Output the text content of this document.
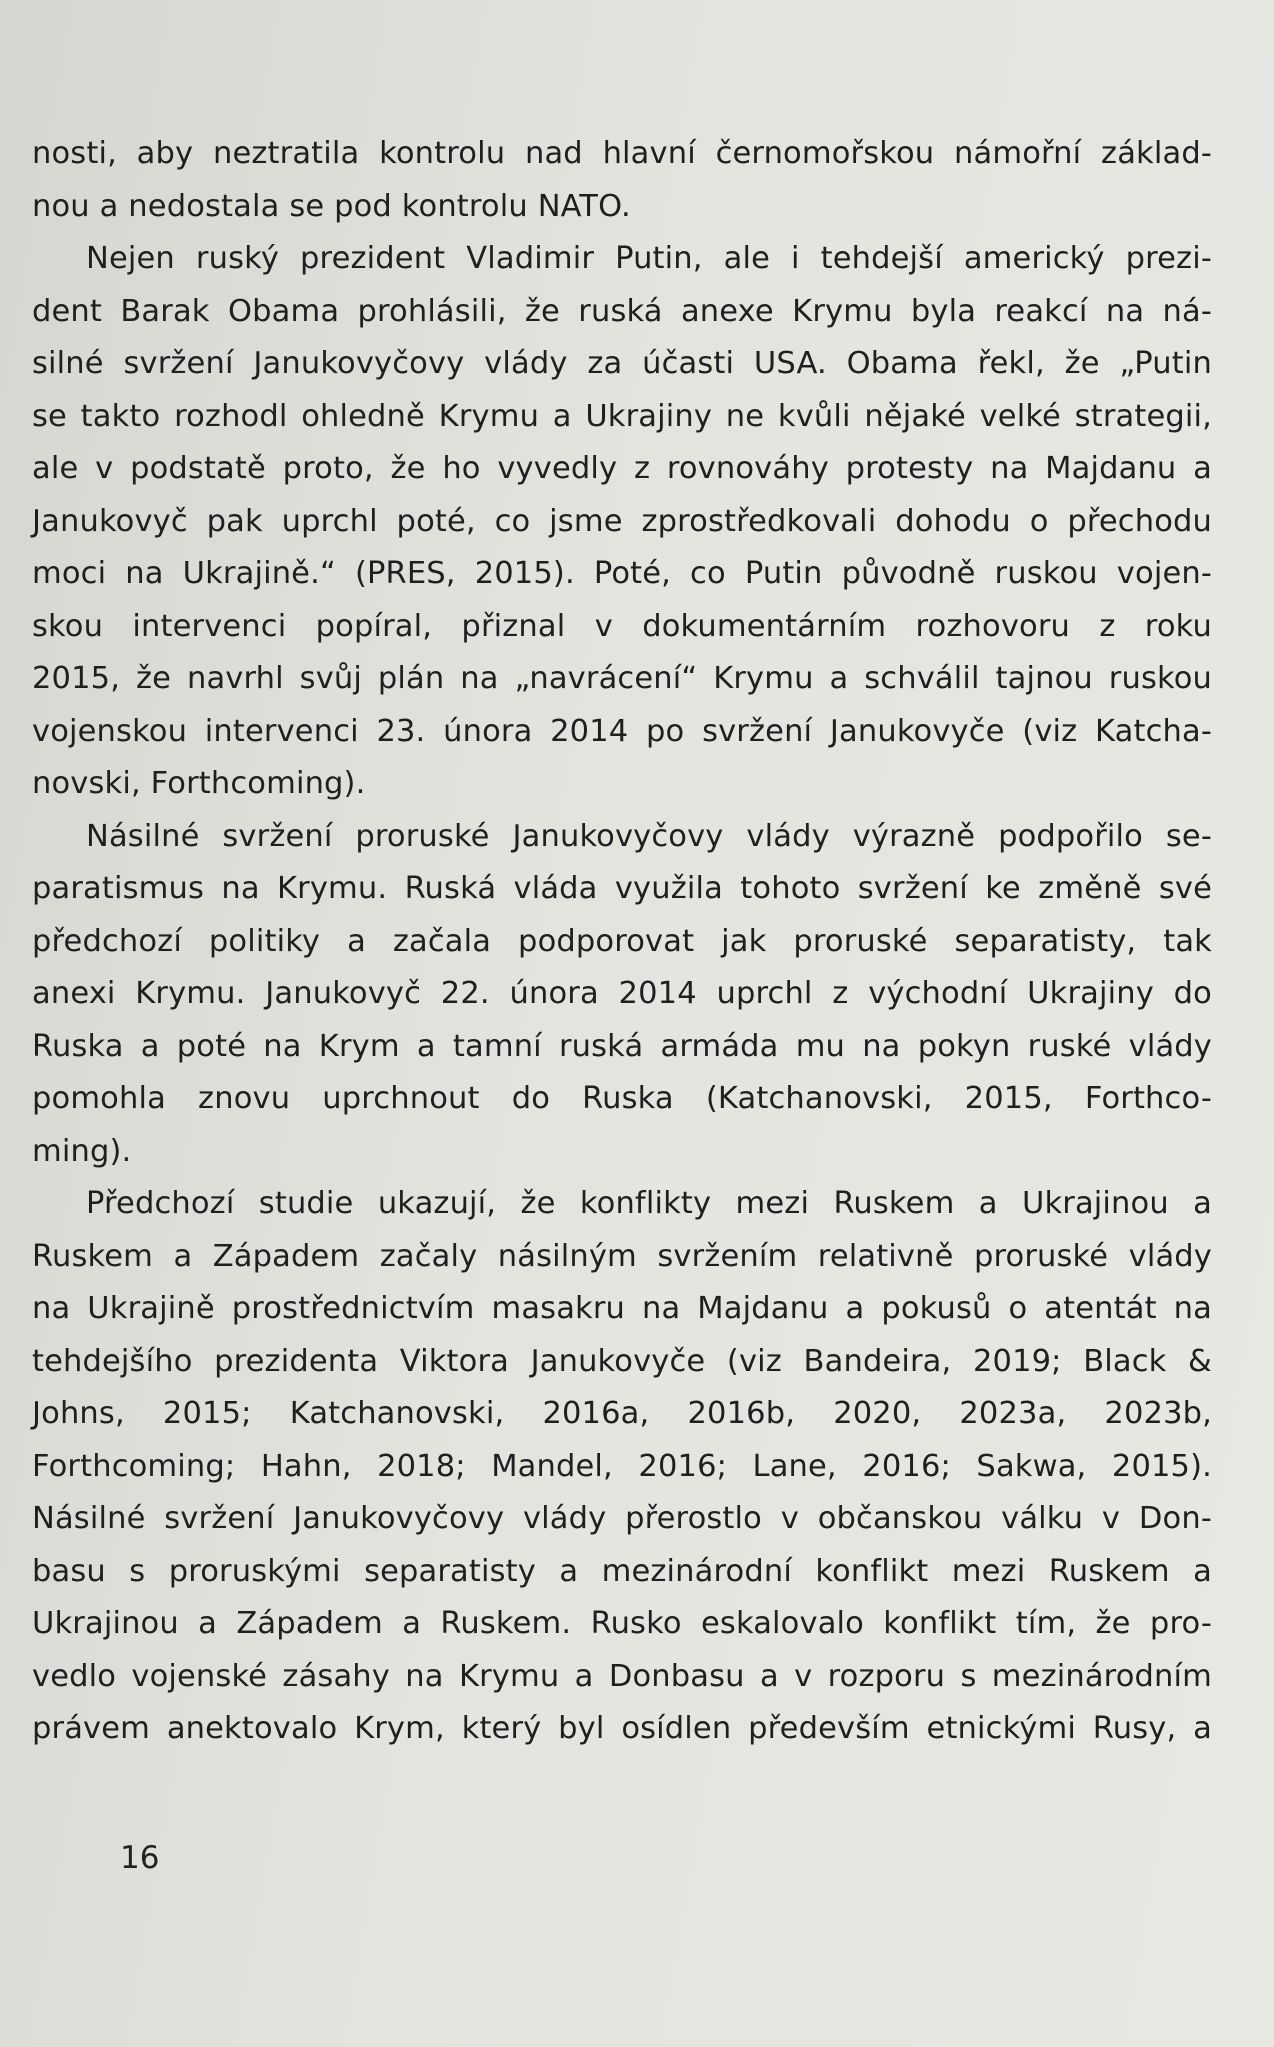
nosti, aby neztratila kontrolu nad hlavní černomořskou námořní základ-
nou a nedostala se pod kontrolu NATO.
Nejen ruský prezident Vladimir Putin, ale i tehdejší americký prezi-
dent Barak Obama prohlásili, že ruská anexe Krymu byla reakcí na ná-
silné svržení Janukovyčovy vlády za účasti USA. Obama řekl, že „Putin
se takto rozhodl ohledně Krymu a Ukrajiny ne kvůli nějaké velké strategii,
ale v podstatě proto, že ho vyvedly z rovnováhy protesty na Majdanu a
Janukovyč pak uprchl poté, co jsme zprostředkovali dohodu o přechodu
moci na Ukrajině.“ (PRES, 2015). Poté, co Putin původně ruskou vojen-
skou intervenci popíral, přiznal v dokumentárním rozhovoru z roku
2015, že navrhl svůj plán na „navrácení“ Krymu a schválil tajnou ruskou
vojenskou intervenci 23. února 2014 po svržení Janukovyče (viz Katcha-
novski, Forthcoming).
Násilné svržení proruské Janukovyčovy vlády výrazně podpořilo se-
paratismus na Krymu. Ruská vláda využila tohoto svržení ke změně své
předchozí politiky a začala podporovat jak proruské separatisty, tak
anexi Krymu. Janukovyč 22. února 2014 uprchl z východní Ukrajiny do
Ruska a poté na Krym a tamní ruská armáda mu na pokyn ruské vlády
pomohla znovu uprchnout do Ruska (Katchanovski, 2015, Forthco-
ming).
Předchozí studie ukazují, že konflikty mezi Ruskem a Ukrajinou a
Ruskem a Západem začaly násilným svržením relativně proruské vlády
na Ukrajině prostřednictvím masakru na Majdanu a pokusů o atentát na
tehdejšího prezidenta Viktora Janukovyče (viz Bandeira, 2019; Black &
Johns, 2015; Katchanovski, 2016a, 2016b, 2020, 2023a, 2023b,
Forthcoming; Hahn, 2018; Mandel, 2016; Lane, 2016; Sakwa, 2015).
Násilné svržení Janukovyčovy vlády přerostlo v občanskou válku v Don-
basu s proruskými separatisty a mezinárodní konflikt mezi Ruskem a
Ukrajinou a Západem a Ruskem. Rusko eskalovalo konflikt tím, že pro-
vedlo vojenské zásahy na Krymu a Donbasu a v rozporu s mezinárodním
právem anektovalo Krym, který byl osídlen především etnickými Rusy, a
16
